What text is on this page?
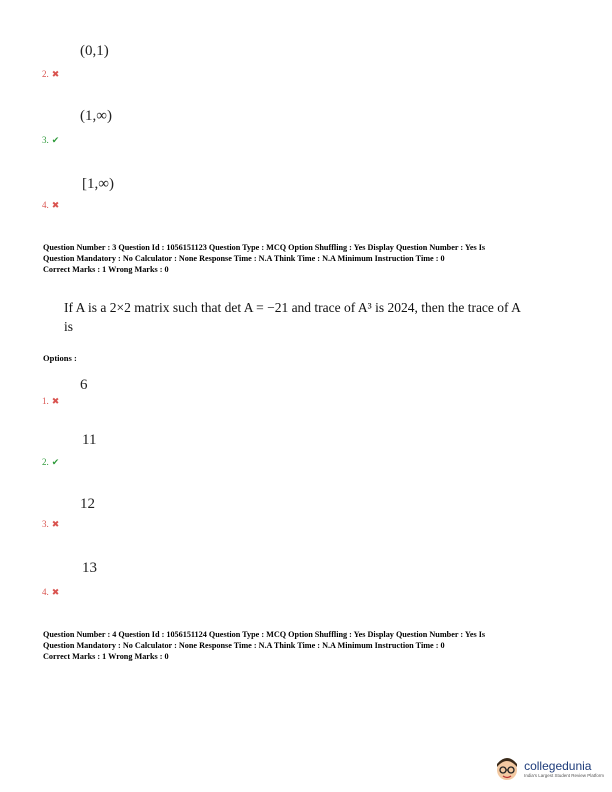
(0,1)
2. ✖
(1,∞)
3. ✔
[1,∞)
4. ✖
Question Number : 3 Question Id : 1056151123 Question Type : MCQ Option Shuffling : Yes Display Question Number : Yes Is
Question Mandatory : No Calculator : None Response Time : N.A Think Time : N.A Minimum Instruction Time : 0
Correct Marks : 1 Wrong Marks : 0
If A is a 2×2 matrix such that det A = −21 and trace of A³ is 2024, then the trace of A
is
Options :
6
1. ✖
11
2. ✔
12
3. ✖
13
4. ✖
Question Number : 4 Question Id : 1056151124 Question Type : MCQ Option Shuffling : Yes Display Question Number : Yes Is
Question Mandatory : No Calculator : None Response Time : N.A Think Time : N.A Minimum Instruction Time : 0
Correct Marks : 1 Wrong Marks : 0
collegedunia
India's Largest Student Review Platform
